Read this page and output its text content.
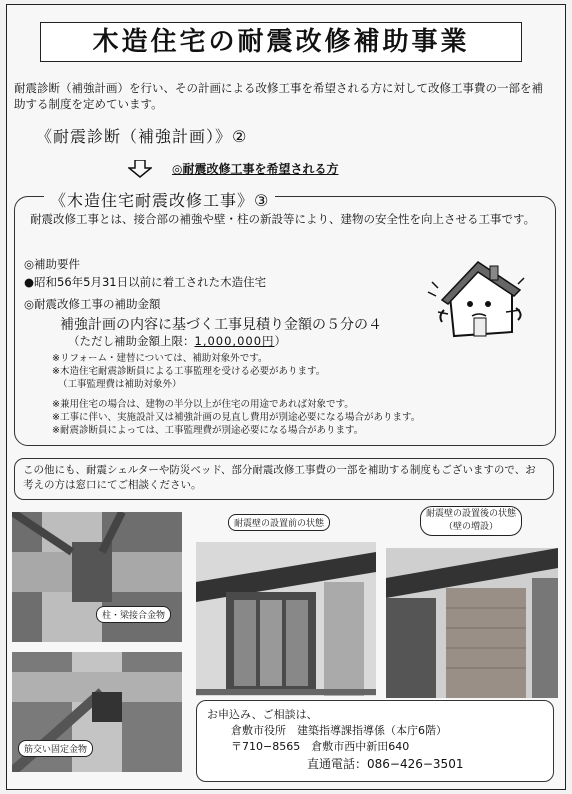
木造住宅の耐震改修補助事業
耐震診断（補強計画）を行い、その計画による改修工事を希望される方に対して改修工事費の一部を補助する制度を定めています。
《耐震診断（補強計画）》②
◎ 耐震改修工事を希望される方
《木造住宅耐震改修工事》③
耐震改修工事とは、接合部の補強や壁・柱の新設等により、建物の安全性を向上させる工事です。
◎補助要件
●昭和56年5月31日以前に着工された木造住宅
◎耐震改修工事の補助金額
補強計画の内容に基づく工事見積り金額の５分の４
（ただし補助金額上限：1,000,000円）
※リフォーム・建替については、補助対象外です。
※木造住宅耐震診断員による工事監理を受ける必要があります。
（工事監理費は補助対象外）
※兼用住宅の場合は、建物の半分以上が住宅の用途であれば対象です。
※工事に伴い、実施設計又は補強計画の見直し費用が別途必要になる場合があります。
※耐震診断員によっては、工事監理費が別途必要になる場合があります。
この他にも、耐震シェルターや防災ベッド、部分耐震改修工事費の一部を補助する制度もございますので、お考えの方は窓口にてご相談ください。
柱・梁接合金物
筋交い固定金物
耐震壁の設置前の状態
耐震壁の設置後の状態
（壁の増設）
お申込み、ご相談は、
倉敷市役所　建築指導課指導係（本庁6階）
〒710−8565　倉敷市西中新田640
直通電話：086−426−3501
